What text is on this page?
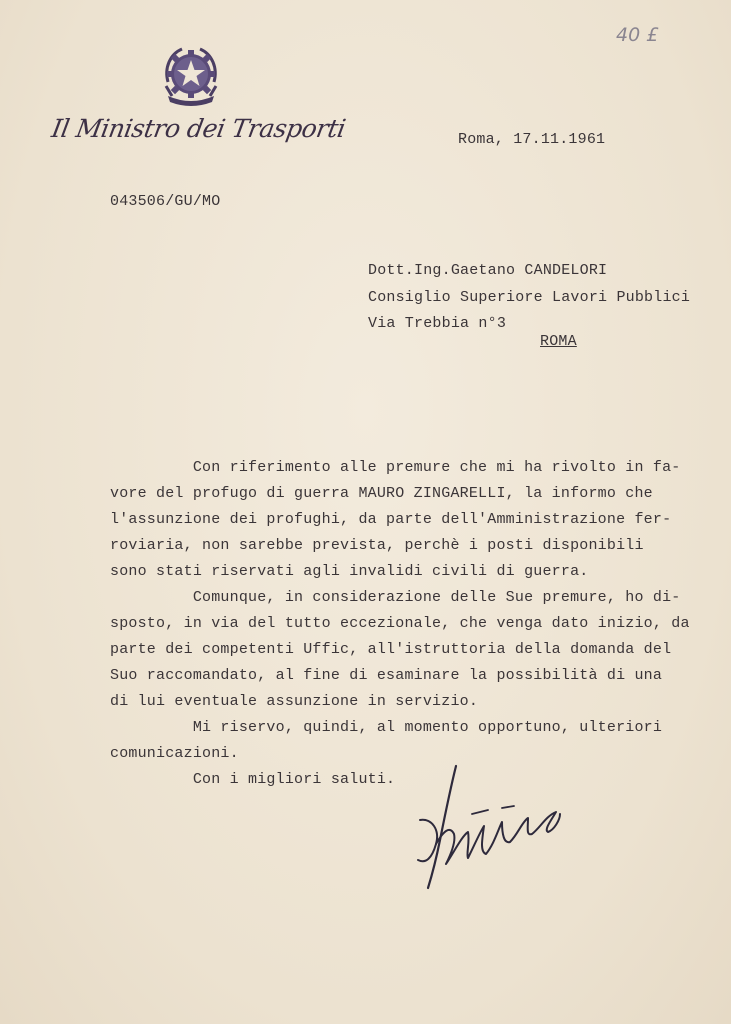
40 £
Il Ministro dei Trasporti	Roma, 17.11.1961
043506/GU/MO
Dott.Ing.Gaetano CANDELORI
Consiglio Superiore Lavori Pubblici
Via Trebbia n°3
ROMA
Con riferimento alle premure che mi ha rivolto in fa-
vore del profugo di guerra MAURO ZINGARELLI, la informo che
l'assunzione dei profughi, da parte dell'Amministrazione fer-
roviaria, non sarebbe prevista, perchè i posti disponibili
sono stati riservati agli invalidi civili di guerra.
Comunque, in considerazione delle Sue premure, ho di-
sposto, in via del tutto eccezionale, che venga dato inizio, da
parte dei competenti Uffic, all'istruttoria della domanda del
Suo raccomandato, al fine di esaminare la possibilità di una
di lui eventuale assunzione in servizio.
Mi riservo, quindi, al momento opportuno, ulteriori
comunicazioni.
Con i migliori saluti.
